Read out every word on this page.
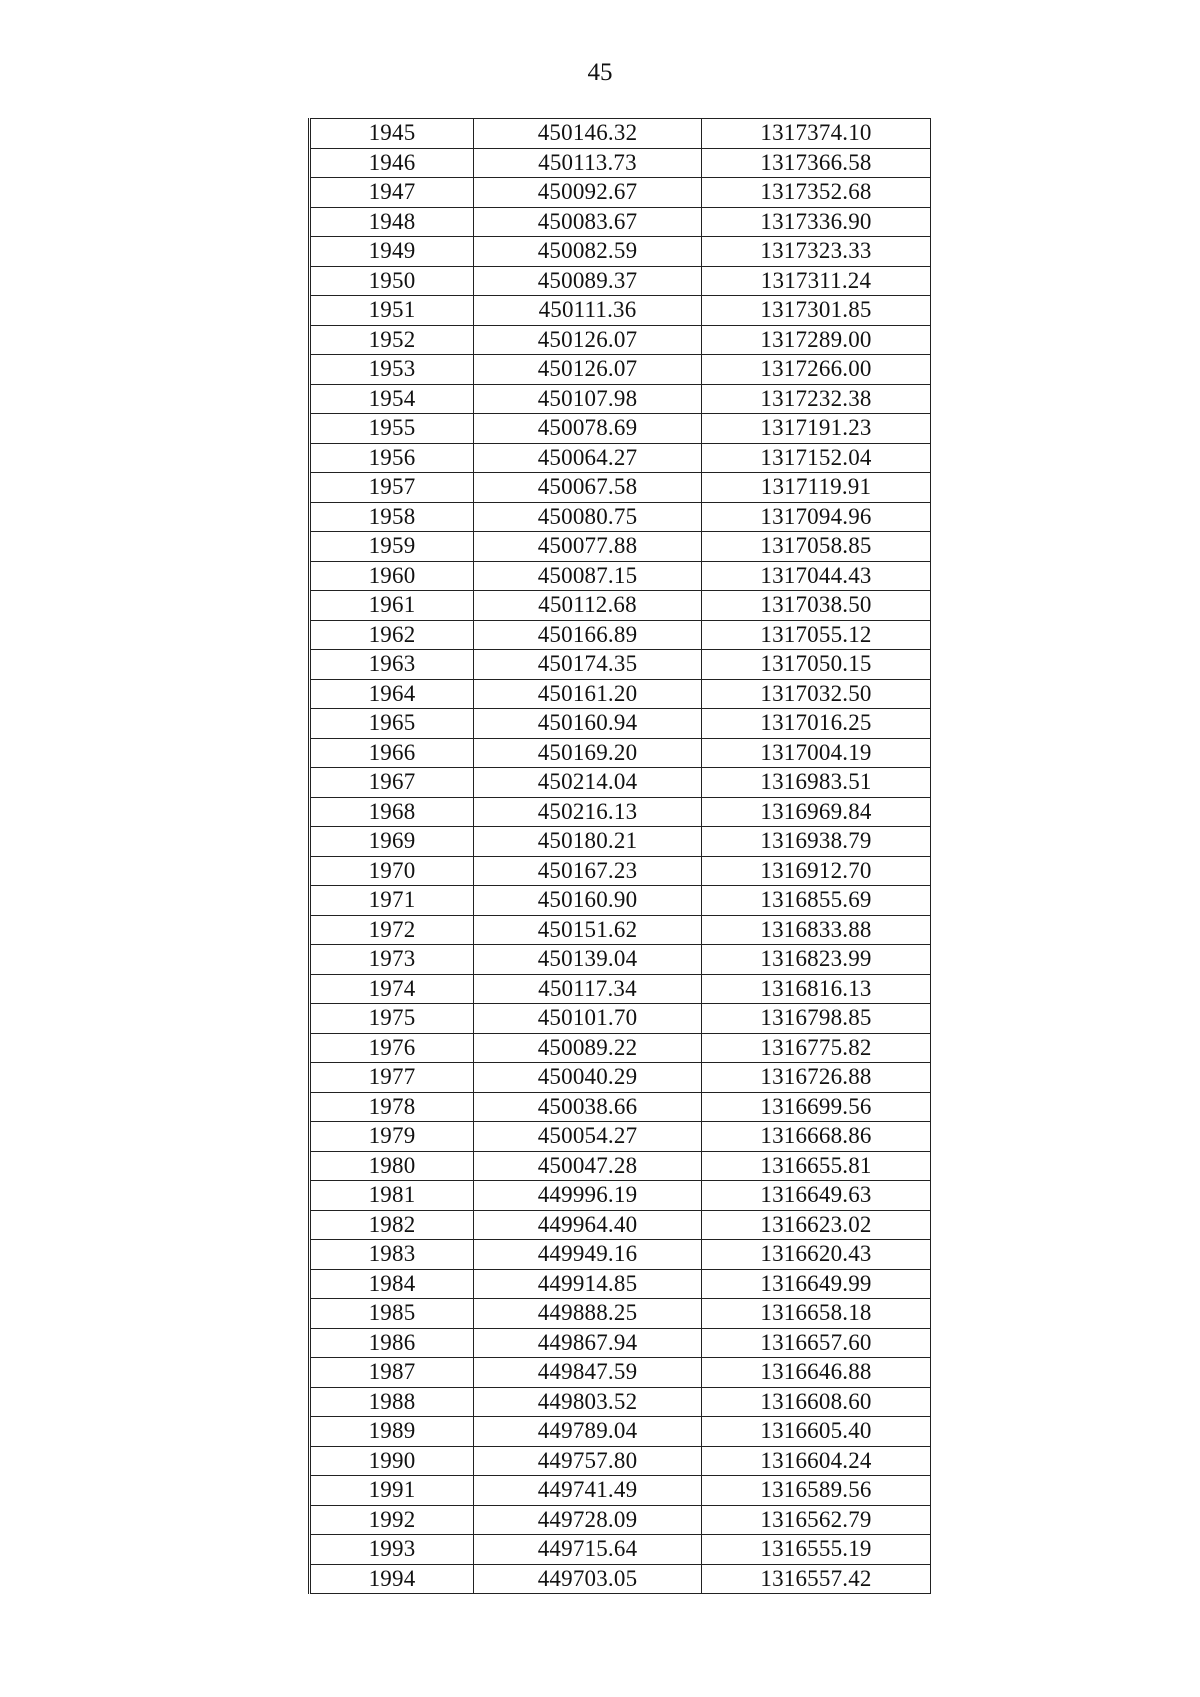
45
1945	450146.32	1317374.10
1946	450113.73	1317366.58
1947	450092.67	1317352.68
1948	450083.67	1317336.90
1949	450082.59	1317323.33
1950	450089.37	1317311.24
1951	450111.36	1317301.85
1952	450126.07	1317289.00
1953	450126.07	1317266.00
1954	450107.98	1317232.38
1955	450078.69	1317191.23
1956	450064.27	1317152.04
1957	450067.58	1317119.91
1958	450080.75	1317094.96
1959	450077.88	1317058.85
1960	450087.15	1317044.43
1961	450112.68	1317038.50
1962	450166.89	1317055.12
1963	450174.35	1317050.15
1964	450161.20	1317032.50
1965	450160.94	1317016.25
1966	450169.20	1317004.19
1967	450214.04	1316983.51
1968	450216.13	1316969.84
1969	450180.21	1316938.79
1970	450167.23	1316912.70
1971	450160.90	1316855.69
1972	450151.62	1316833.88
1973	450139.04	1316823.99
1974	450117.34	1316816.13
1975	450101.70	1316798.85
1976	450089.22	1316775.82
1977	450040.29	1316726.88
1978	450038.66	1316699.56
1979	450054.27	1316668.86
1980	450047.28	1316655.81
1981	449996.19	1316649.63
1982	449964.40	1316623.02
1983	449949.16	1316620.43
1984	449914.85	1316649.99
1985	449888.25	1316658.18
1986	449867.94	1316657.60
1987	449847.59	1316646.88
1988	449803.52	1316608.60
1989	449789.04	1316605.40
1990	449757.80	1316604.24
1991	449741.49	1316589.56
1992	449728.09	1316562.79
1993	449715.64	1316555.19
1994	449703.05	1316557.42
